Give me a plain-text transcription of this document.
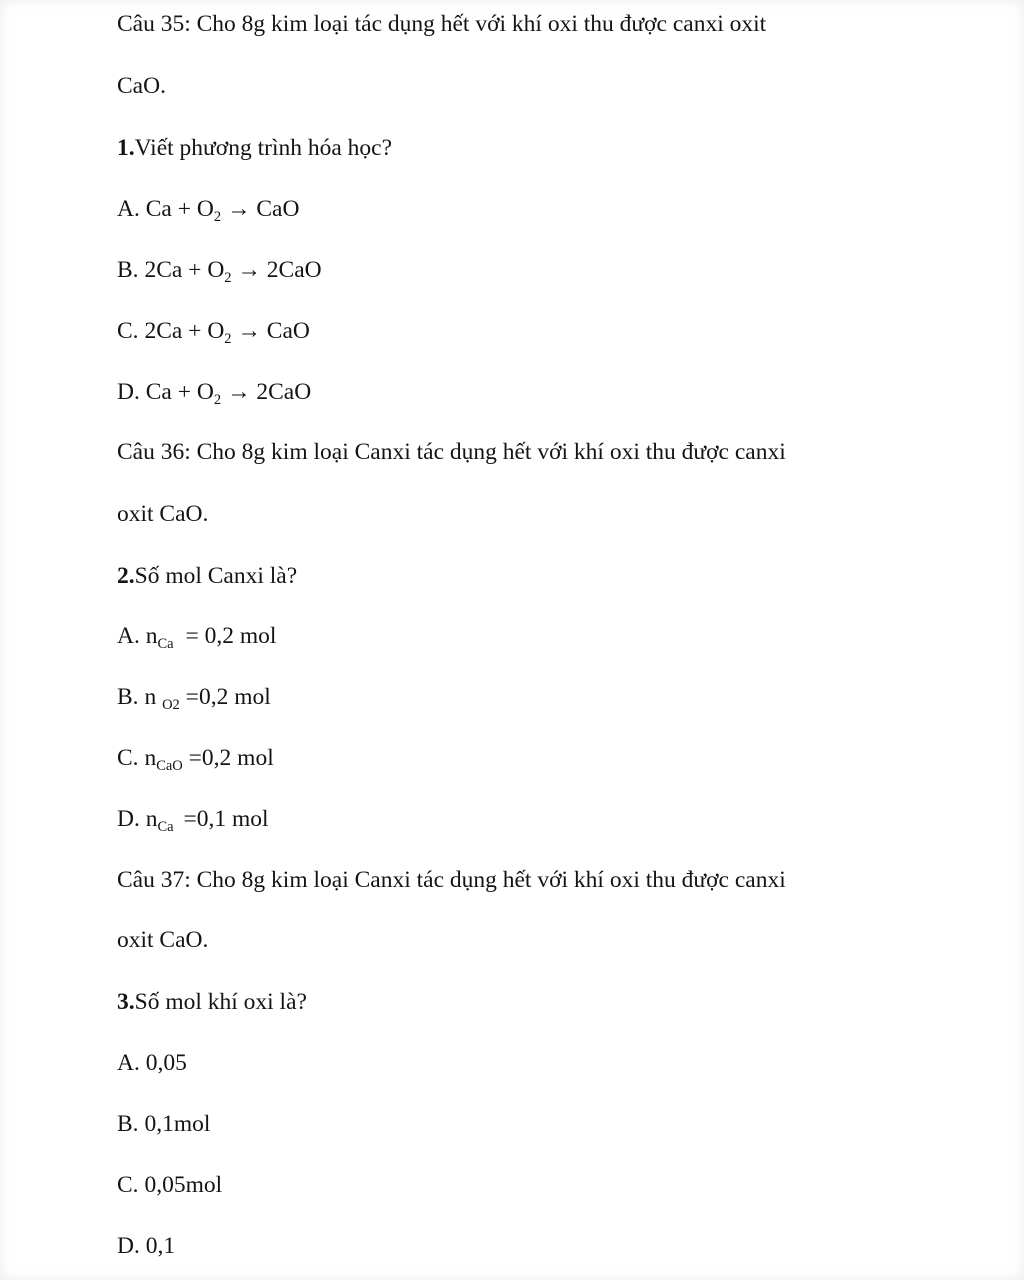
Câu 35: Cho 8g kim loại tác dụng hết với khí oxi thu được canxi oxit
CaO.
1.Viết phương trình hóa học?
A. $Ca + O_2$ → CaO
B. $2Ca + O_2 \to 2CaO$
C. $2Ca + O_2$ → CaO
D. $Ca + O_2 \to 2CaO$
Câu 36: Cho 8g kim loại Canxi tác dụng hết với khí oxi thu được canxi
oxit CaO.
2.Số mol Canxi là?
A. $n_{Ca} = 0,2$ mol
B. n $_{O2}$ =0,2 mol
C. $n_{CaO} =0,2$ mol
D. $n_{Ca} =0,1$ mol
Câu 37: Cho 8g kim loại Canxi tác dụng hết với khí oxi thu được canxi
oxit CaO.
3.Số mol khí oxi là?
A. 0,05
B. 0,1mol
C. 0,05mol
D. 0,1
